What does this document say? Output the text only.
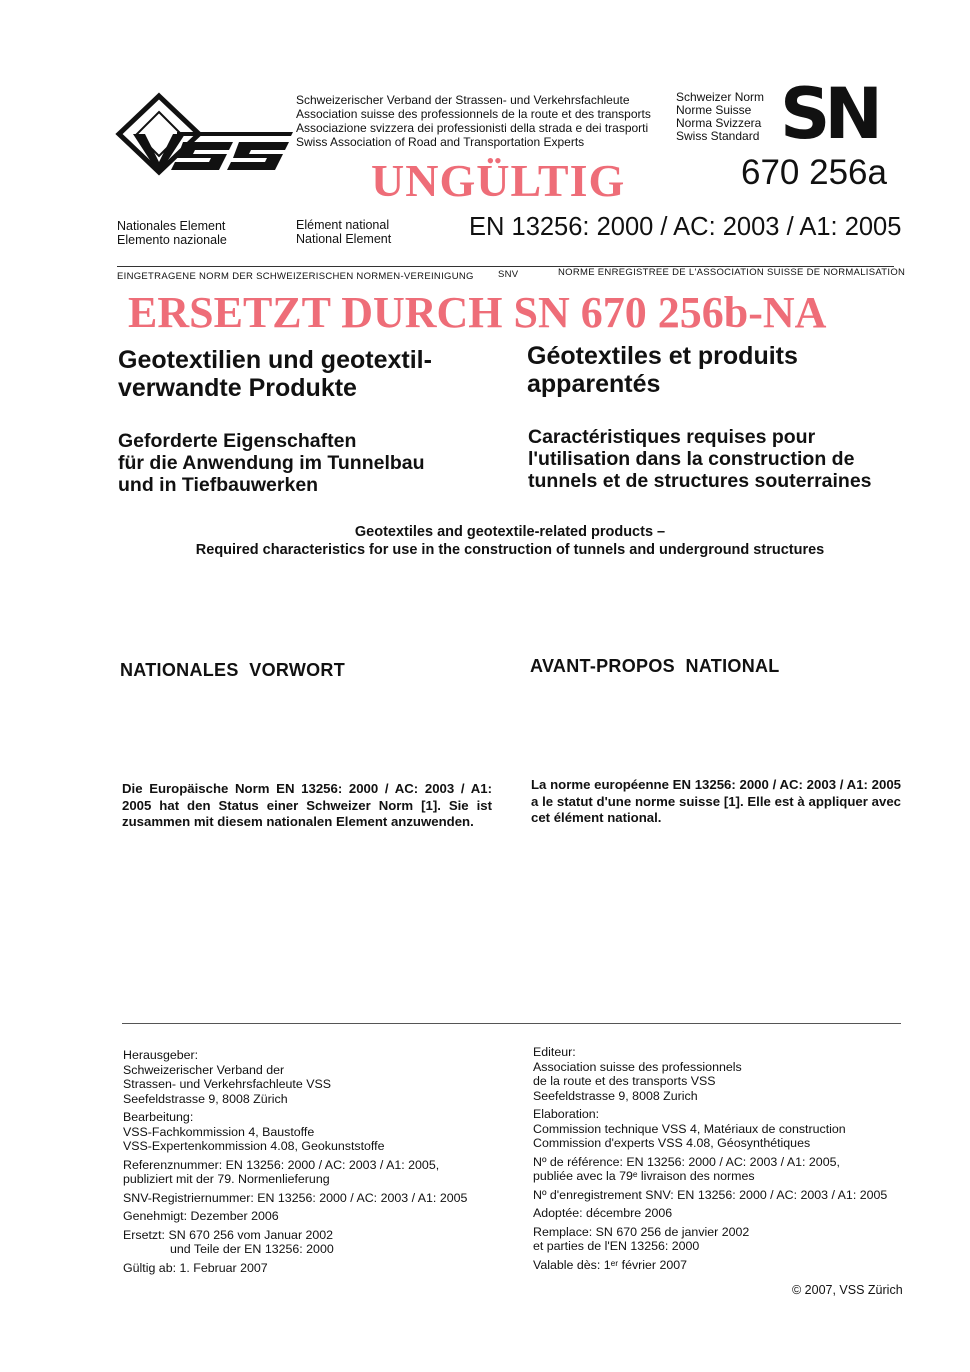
Schweizerischer Verband der Strassen- und Verkehrsfachleute
Association suisse des professionnels de la route et des transports
Associazione svizzera dei professionisti della strada e dei trasporti
Swiss Association of Road and Transportation Experts
Schweizer Norm
Norme Suisse
Norma Svizzera
Swiss Standard SN
670 256a
UNGÜLTIG
Nationales Element
Elemento nazionale
Elément national
National Element	EN 13256: 2000 / AC: 2003 / A1: 2005
EINGETRAGENE NORM DER SCHWEIZERISCHEN NORMEN-VEREINIGUNG	SNV	NORME ENREGISTREE DE L'ASSOCIATION SUISSE DE NORMALISATION
ERSETZT DURCH SN 670 256b-NA
Geotextilien und geotextil-
verwandte Produkte
Géotextiles et produits
apparentés
Geforderte Eigenschaften
für die Anwendung im Tunnelbau
und in Tiefbauwerken
Caractéristiques requises pour
l'utilisation dans la construction de
tunnels et de structures souterraines
Geotextiles and geotextile-related products –
Required characteristics for use in the construction of tunnels and underground structures
NATIONALES  VORWORT	AVANT-PROPOS  NATIONAL
Die Europäische Norm EN 13256: 2000 / AC: 2003 / A1: 2005 hat den Status einer Schweizer Norm [1]. Sie ist zusammen mit diesem nationalen Element anzuwenden.
La norme européenne EN 13256: 2000 / AC: 2003 / A1: 2005 a le statut d'une norme suisse [1]. Elle est à appliquer avec cet élément national.

Herausgeber:
Schweizerischer Verband der
Strassen- und Verkehrsfachleute VSS
Seefeldstrasse 9, 8008 Zürich

Bearbeitung:
VSS-Fachkommission 4, Baustoffe
VSS-Expertenkommission 4.08, Geokunststoffe

Referenznummer: EN 13256: 2000 / AC: 2003 / A1: 2005,
publiziert mit der 79. Normenlieferung

SNV-Registriernummer: EN 13256: 2000 / AC: 2003 / A1: 2005

Genehmigt: Dezember 2006

Ersetzt: SN 670 256 vom Januar 2002
und Teile der EN 13256: 2000

Gültig ab: 1. Februar 2007

Editeur:
Association suisse des professionnels
de la route et des transports VSS
Seefeldstrasse 9, 8008 Zurich

Elaboration:
Commission technique VSS 4, Matériaux de construction
Commission d'experts VSS 4.08, Géosynthétiques

Nº de référence: EN 13256: 2000 / AC: 2003 / A1: 2005,
publiée avec la 79ᵉ livraison des normes

Nº d'enregistrement SNV: EN 13256: 2000 / AC: 2003 / A1: 2005

Adoptée: décembre 2006

Remplace: SN 670 256 de janvier 2002
et parties de l'EN 13256: 2000

Valable dès: 1ᵉʳ février 2007

© 2007, VSS Zürich
